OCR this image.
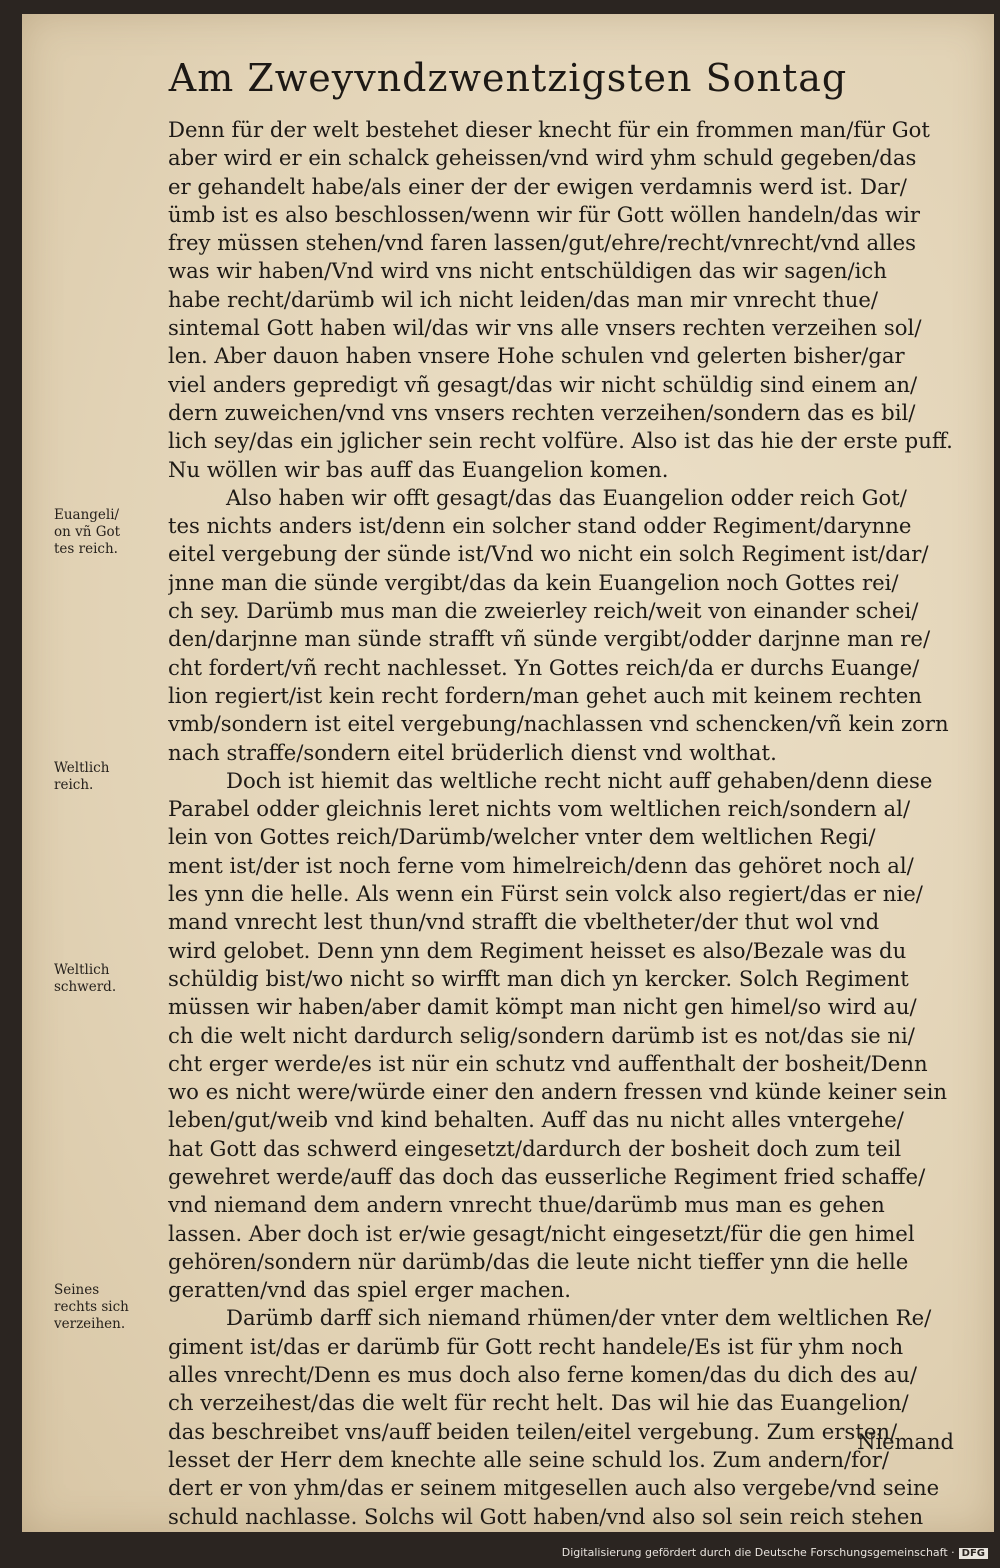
Am Zweyvndzwentzigsten Sontag
Denn für der welt bestehet dieser knecht für ein frommen man/für Got
aber wird er ein schalck geheissen/vnd wird yhm schuld gegeben/das
er gehandelt habe/als einer der der ewigen verdamnis werd ist. Dar/
ümb ist es also beschlossen/wenn wir für Gott wöllen handeln/das wir
frey müssen stehen/vnd faren lassen/gut/ehre/recht/vnrecht/vnd alles
was wir haben/Vnd wird vns nicht entschüldigen das wir sagen/ich
habe recht/darümb wil ich nicht leiden/das man mir vnrecht thue/
sintemal Gott haben wil/das wir vns alle vnsers rechten verzeihen sol/
len. Aber dauon haben vnsere Hohe schulen vnd gelerten bisher/gar
viel anders gepredigt vñ gesagt/das wir nicht schüldig sind einem an/
dern zuweichen/vnd vns vnsers rechten verzeihen/sondern das es bil/
lich sey/das ein jglicher sein recht volfüre. Also ist das hie der erste puff.
Nu wöllen wir bas auff das Euangelion komen.
Also haben wir offt gesagt/das das Euangelion odder reich Got/
tes nichts anders ist/denn ein solcher stand odder Regiment/darynne
eitel vergebung der sünde ist/Vnd wo nicht ein solch Regiment ist/dar/
jnne man die sünde vergibt/das da kein Euangelion noch Gottes rei/
ch sey. Darümb mus man die zweierley reich/weit von einander schei/
den/darjnne man sünde strafft vñ sünde vergibt/odder darjnne man re/
cht fordert/vñ recht nachlesset. Yn Gottes reich/da er durchs Euange/
lion regiert/ist kein recht fordern/man gehet auch mit keinem rechten
vmb/sondern ist eitel vergebung/nachlassen vnd schencken/vñ kein zorn
nach straffe/sondern eitel brüderlich dienst vnd wolthat.
Doch ist hiemit das weltliche recht nicht auff gehaben/denn diese
Parabel odder gleichnis leret nichts vom weltlichen reich/sondern al/
lein von Gottes reich/Darümb/welcher vnter dem weltlichen Regi/
ment ist/der ist noch ferne vom himelreich/denn das gehöret noch al/
les ynn die helle. Als wenn ein Fürst sein volck also regiert/das er nie/
mand vnrecht lest thun/vnd strafft die vbeltheter/der thut wol vnd
wird gelobet. Denn ynn dem Regiment heisset es also/Bezale was du
schüldig bist/wo nicht so wirfft man dich yn kercker. Solch Regiment
müssen wir haben/aber damit kömpt man nicht gen himel/so wird au/
ch die welt nicht dardurch selig/sondern darümb ist es not/das sie ni/
cht erger werde/es ist nür ein schutz vnd auffenthalt der bosheit/Denn
wo es nicht were/würde einer den andern fressen vnd künde keiner sein
leben/gut/weib vnd kind behalten. Auff das nu nicht alles vntergehe/
hat Gott das schwerd eingesetzt/dardurch der bosheit doch zum teil
gewehret werde/auff das doch das eusserliche Regiment fried schaffe/
vnd niemand dem andern vnrecht thue/darümb mus man es gehen
lassen. Aber doch ist er/wie gesagt/nicht eingesetzt/für die gen himel
gehören/sondern nür darümb/das die leute nicht tieffer ynn die helle
geratten/vnd das spiel erger machen.
Darümb darff sich niemand rhümen/der vnter dem weltlichen Re/
giment ist/das er darümb für Gott recht handele/Es ist für yhm noch
alles vnrecht/Denn es mus doch also ferne komen/das du dich des au/
ch verzeihest/das die welt für recht helt. Das wil hie das Euangelion/
das beschreibet vns/auff beiden teilen/eitel vergebung. Zum ersten/
lesset der Herr dem knechte alle seine schuld los. Zum andern/for/
dert er von yhm/das er seinem mitgesellen auch also vergebe/vnd seine
schuld nachlasse. Solchs wil Gott haben/vnd also sol sein reich stehen
Euangeli/
on vñ Got
tes reich.
Weltlich
reich.
Weltlich
schwerd.
Seines
rechts sich
verzeihen.
Niemand
Digitalisierung gefördert durch die Deutsche Forschungsgemeinschaft · DFG
